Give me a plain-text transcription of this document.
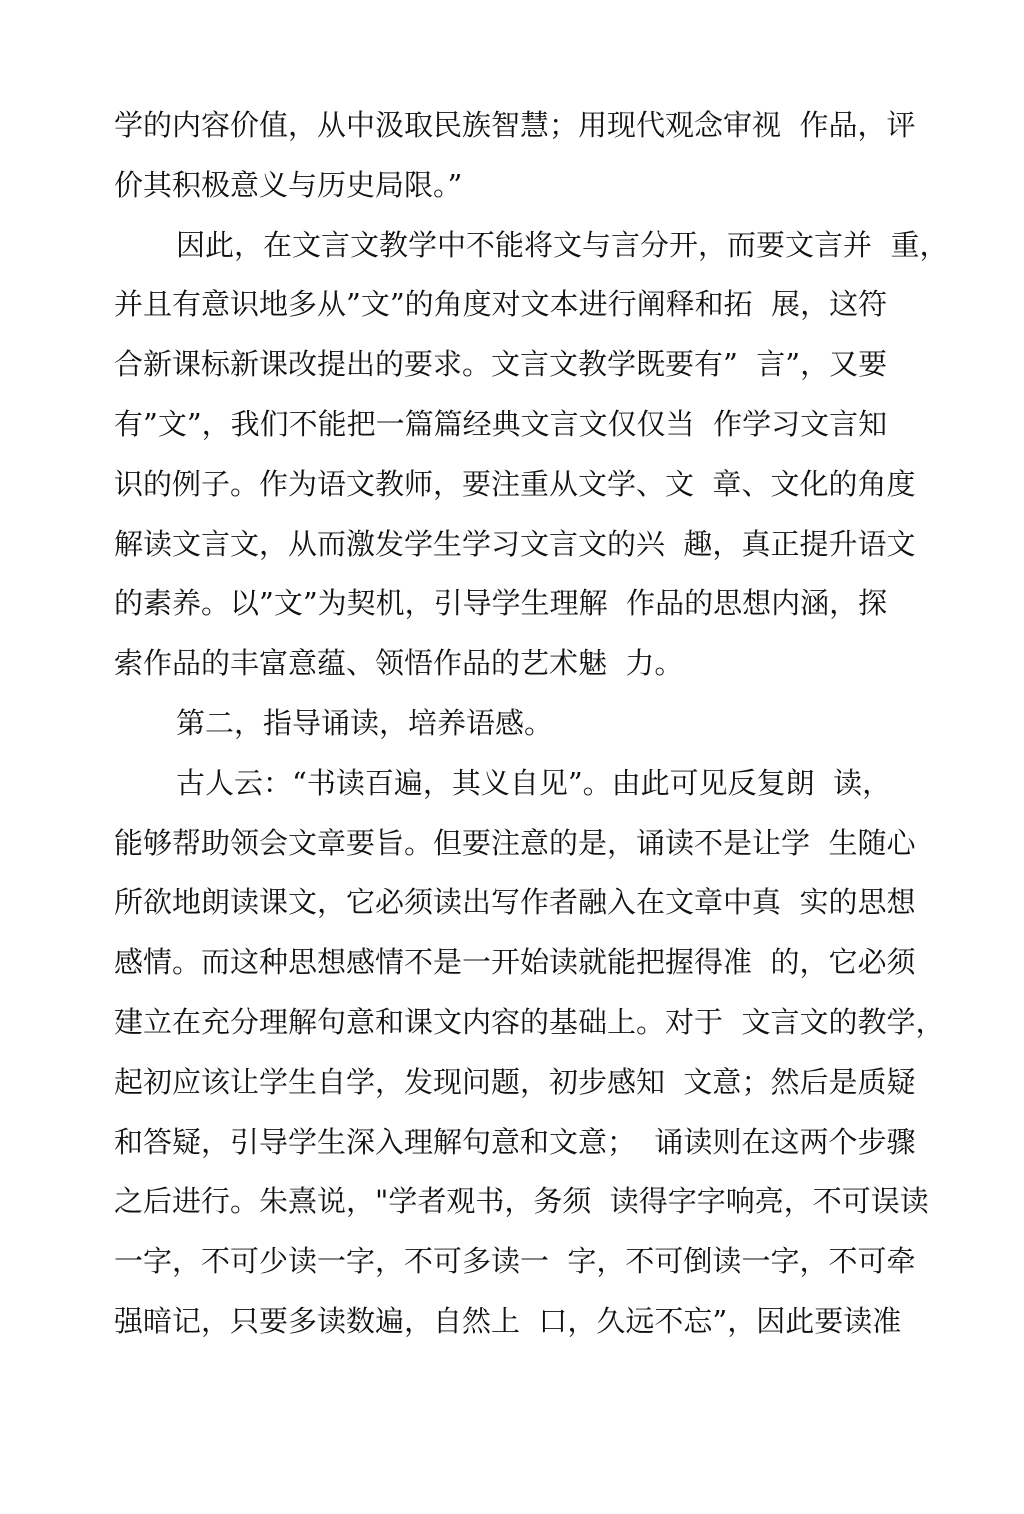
学的内容价值，从中汲取民族智慧；用现代观念审视  作品，评
价其积极意义与历史局限。”
因此，在文言文教学中不能将文与言分开，而要文言并  重，
并且有意识地多从”文”的角度对文本进行阐释和拓  展，这符
合新课标新课改提出的要求。文言文教学既要有”  言”，又要
有”文”，我们不能把一篇篇经典文言文仅仅当  作学习文言知
识的例子。作为语文教师，要注重从文学、文  章、文化的角度
解读文言文，从而激发学生学习文言文的兴  趣，真正提升语文
的素养。以”文”为契机，引导学生理解  作品的思想内涵，探
索作品的丰富意蕴、领悟作品的艺术魅  力。
第二，指导诵读，培养语感。
古人云：“书读百遍，其义自见”。由此可见反复朗  读，
能够帮助领会文章要旨。但要注意的是，诵读不是让学  生随心
所欲地朗读课文，它必须读出写作者融入在文章中真  实的思想
感情。而这种思想感情不是一开始读就能把握得准  的，它必须
建立在充分理解句意和课文内容的基础上。对于  文言文的教学，
起初应该让学生自学，发现问题，初步感知  文意；然后是质疑
和答疑，引导学生深入理解句意和文意；  诵读则在这两个步骤
之后进行。朱熹说，"学者观书，务须  读得字字响亮，不可误读
一字，不可少读一字，不可多读一  字，不可倒读一字，不可牵
强暗记，只要多读数遍，自然上  口，久远不忘”，因此要读准
